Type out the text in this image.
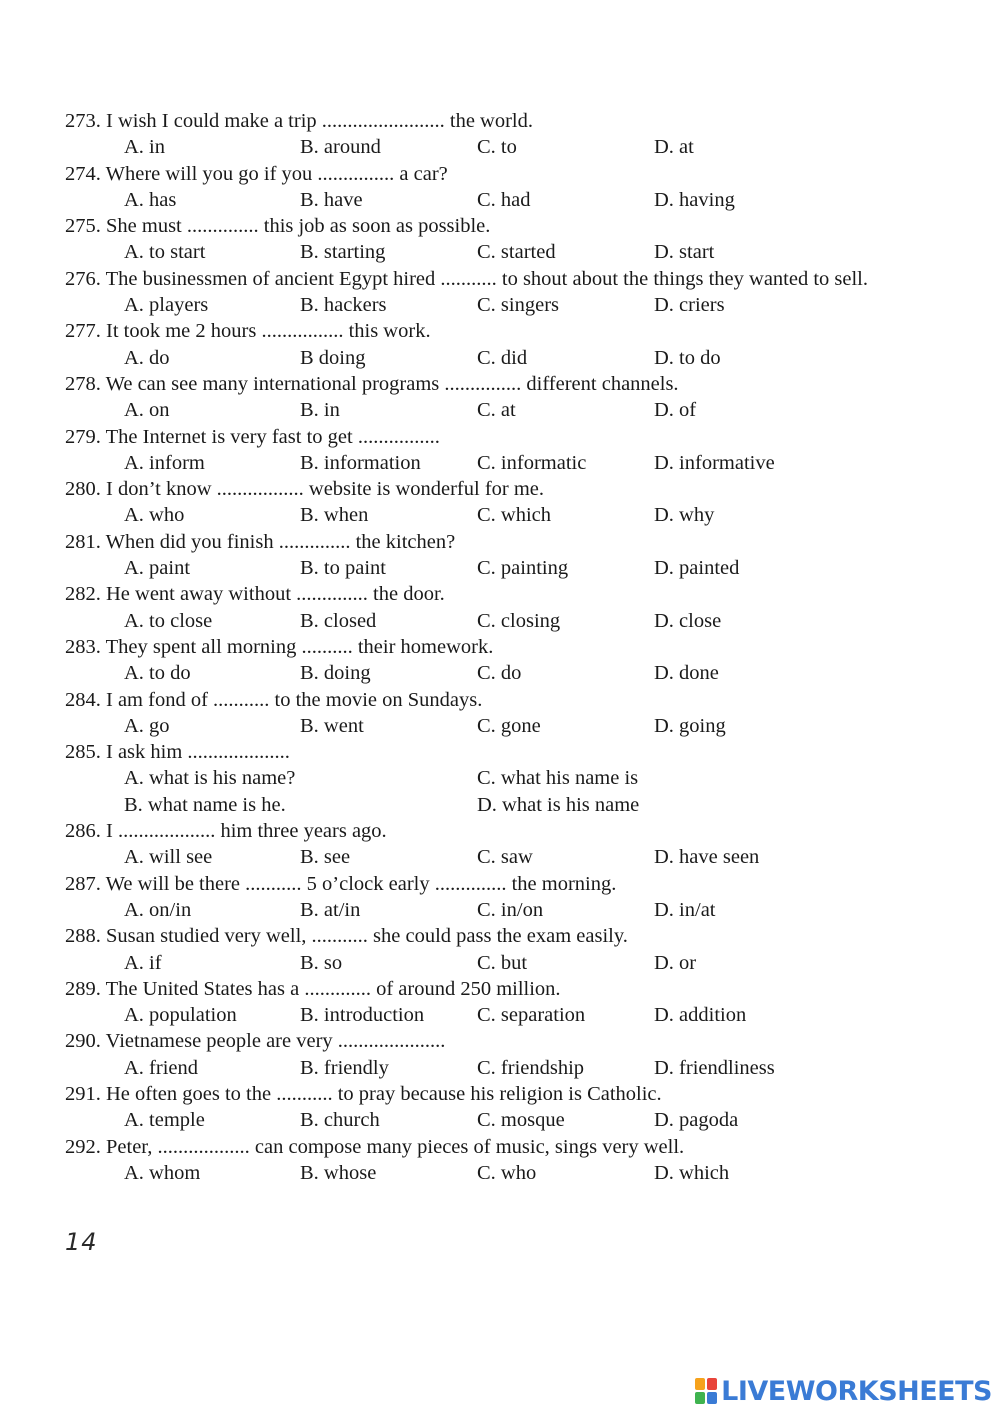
273. I wish I could make a trip ........................ the world.
A. in	B. around	C. to	D. at
274. Where will you go if you ............... a car?
A. has	B. have	C. had	D. having
275. She must .............. this job as soon as possible.
A. to start	B. starting	C. started	D. start
276. The businessmen of ancient Egypt hired ........... to shout about the things they wanted to sell.
A. players	B. hackers	C. singers	D. criers
277. It took me 2 hours ................ this work.
A. do	B doing	C. did	D. to do
278. We can see many international programs ............... different channels.
A. on	B. in	C. at	D. of
279. The Internet is very fast to get ................
A. inform	B. information	C. informatic	D. informative
280. I don’t know ................. website is wonderful for me.
A. who	B. when	C. which	D. why
281. When did you finish .............. the kitchen?
A. paint	B. to paint	C. painting	D. painted
282. He went away without .............. the door.
A. to close	B. closed	C. closing	D. close
283. They spent all morning .......... their homework.
A. to do	B. doing	C. do	D. done
284. I am fond of ........... to the movie on Sundays.
A. go	B. went	C. gone	D. going
285. I ask him ....................
A. what is his name?	C. what his name is
B. what name is he.	D. what is his name
286. I ................... him three years ago.
A. will see	B. see	C. saw	D. have seen
287. We will be there ........... 5 o’clock early .............. the morning.
A. on/in	B. at/in	C. in/on	D. in/at
288. Susan studied very well, ........... she could pass the exam easily.
A. if	B. so	C. but	D. or
289. The United States has a ............. of around 250 million.
A. population	B. introduction	C. separation	D. addition
290. Vietnamese people are very .....................
A. friend	B. friendly	C. friendship	D. friendliness
291. He often goes to the ........... to pray because his religion is Catholic.
A. temple	B. church	C. mosque	D. pagoda
292. Peter, .................. can compose many pieces of music, sings very well.
A. whom	B. whose	C. who	D. which
14
LIVEWORKSHEETS
